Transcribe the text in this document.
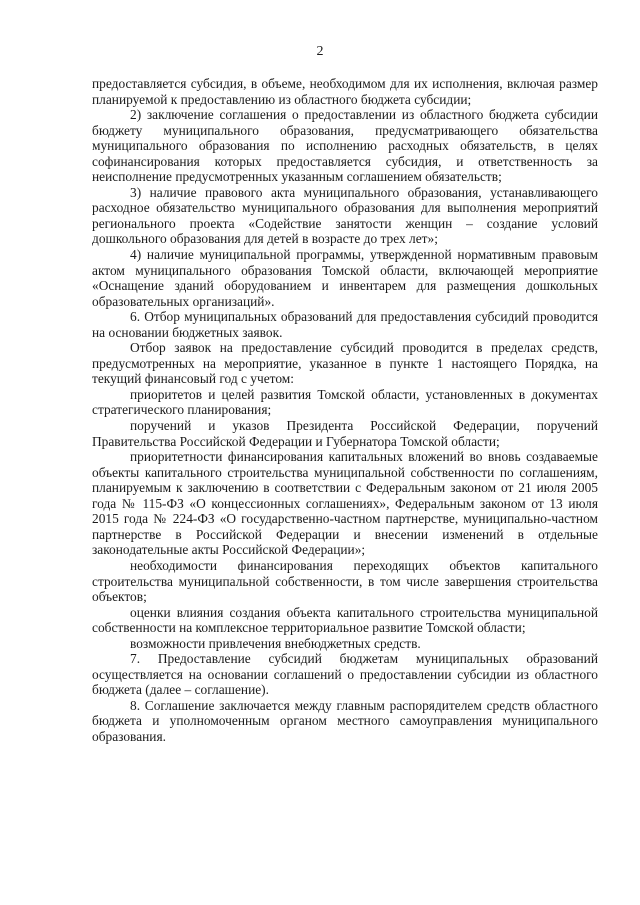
2

предоставляется субсидия, в объеме, необходимом для их исполнения, включая размер планируемой к предоставлению из областного бюджета субсидии;

2) заключение соглашения о предоставлении из областного бюджета субсидии бюджету муниципального образования, предусматривающего обязательства муниципального образования по исполнению расходных обязательств, в целях софинансирования которых предоставляется субсидия, и ответственность за неисполнение предусмотренных указанным соглашением обязательств;

3) наличие правового акта муниципального образования, устанавливающего расходное обязательство муниципального образования для выполнения мероприятий регионального проекта «Содействие занятости женщин – создание условий дошкольного образования для детей в возрасте до трех лет»;

4) наличие муниципальной программы, утвержденной нормативным правовым актом муниципального образования Томской области, включающей мероприятие «Оснащение зданий оборудованием и инвентарем для размещения дошкольных образовательных организаций».

6. Отбор муниципальных образований для предоставления субсидий проводится на основании бюджетных заявок.

Отбор заявок на предоставление субсидий проводится в пределах средств, предусмотренных на мероприятие, указанное в пункте 1 настоящего Порядка, на текущий финансовый год с учетом:

приоритетов и целей развития Томской области, установленных в документах стратегического планирования;

поручений и указов Президента Российской Федерации, поручений Правительства Российской Федерации и Губернатора Томской области;

приоритетности финансирования капитальных вложений во вновь создаваемые объекты капитального строительства муниципальной собственности по соглашениям, планируемым к заключению в соответствии с Федеральным законом от 21 июля 2005 года № 115-ФЗ «О концессионных соглашениях», Федеральным законом от 13 июля 2015 года № 224-ФЗ «О государственно-частном партнерстве, муниципально-частном партнерстве в Российской Федерации и внесении изменений в отдельные законодательные акты Российской Федерации»;

необходимости финансирования переходящих объектов капитального строительства муниципальной собственности, в том числе завершения строительства объектов;

оценки влияния создания объекта капитального строительства муниципальной собственности на комплексное территориальное развитие Томской области;

возможности привлечения внебюджетных средств.

7. Предоставление субсидий бюджетам муниципальных образований осуществляется на основании соглашений о предоставлении субсидии из областного бюджета (далее – соглашение).

8. Соглашение заключается между главным распорядителем средств областного бюджета и уполномоченным органом местного самоуправления муниципального образования.
